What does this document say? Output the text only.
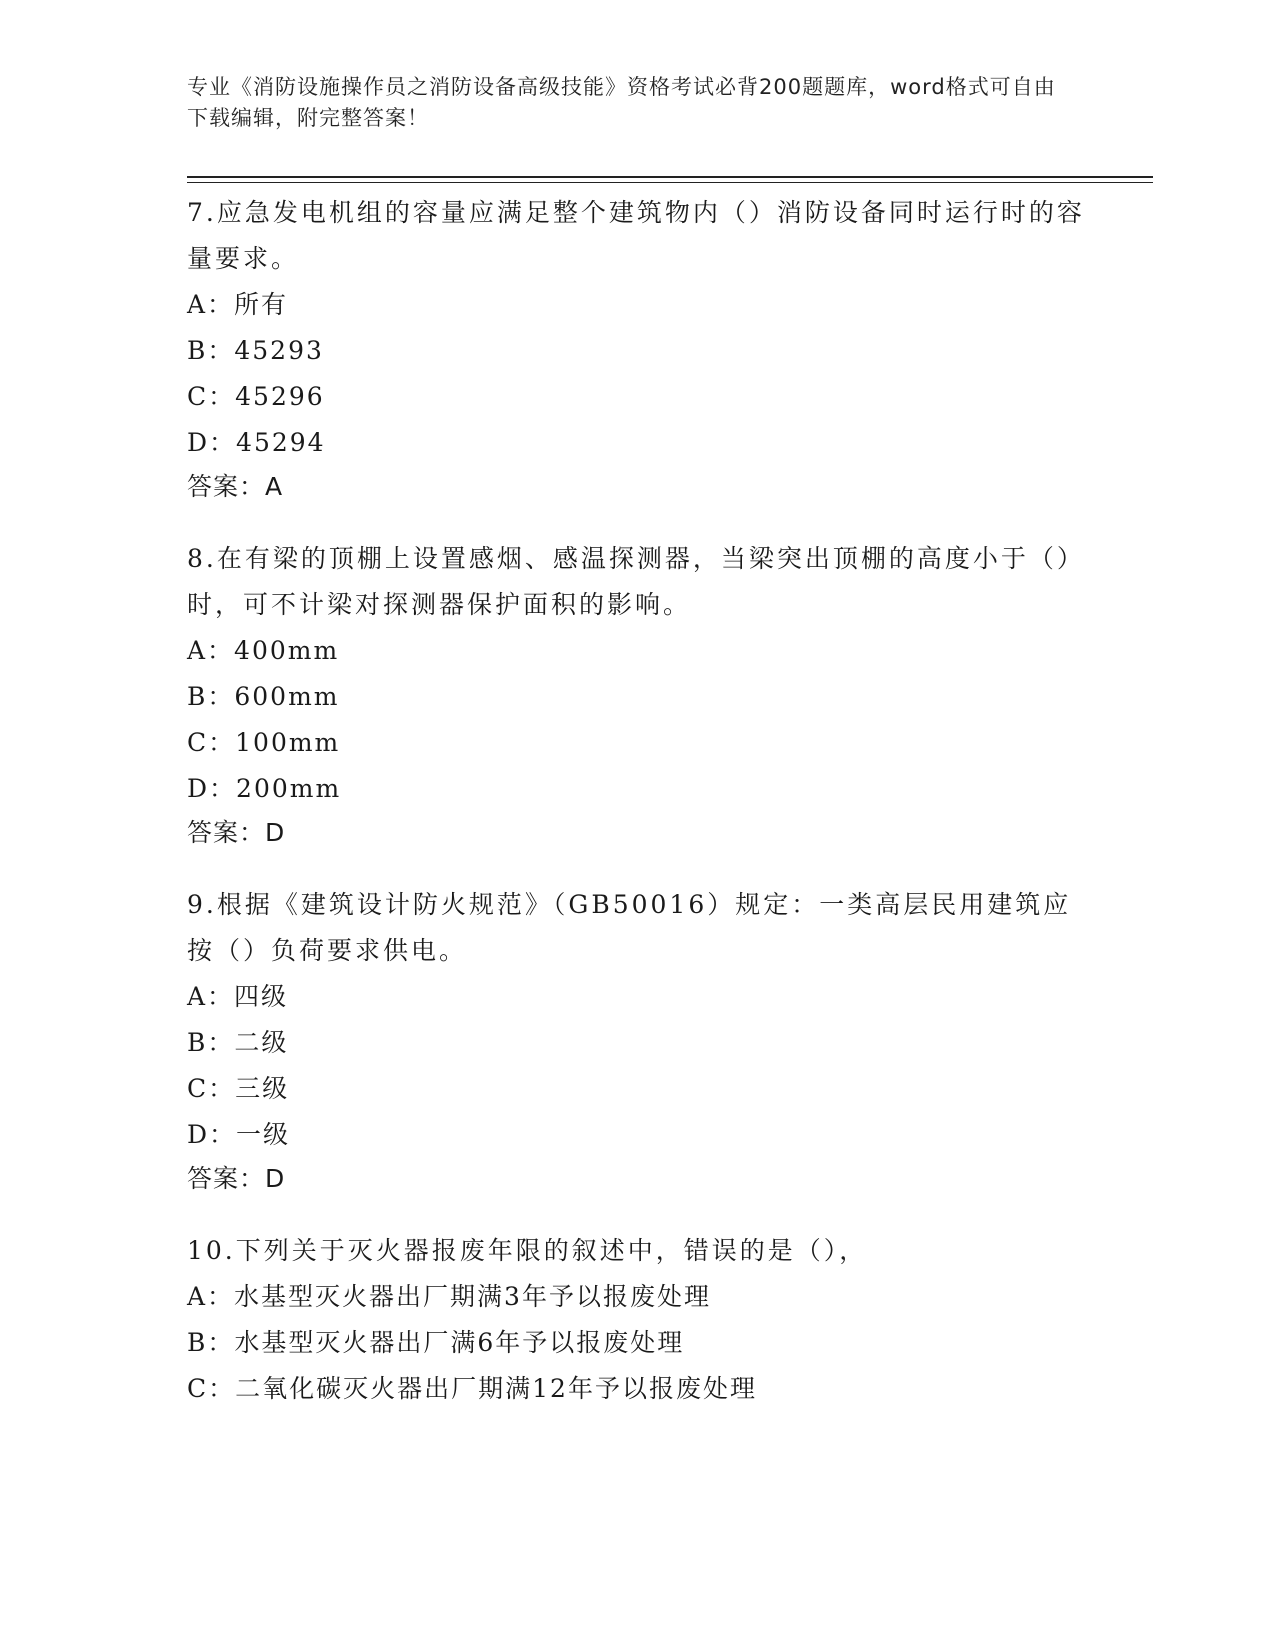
专业《消防设施操作员之消防设备高级技能》资格考试必背200题题库，word格式可自由下载编辑，附完整答案！
7.应急发电机组的容量应满足整个建筑物内（）消防设备同时运行时的容量要求。
A：所有
B：45293
C：45296
D：45294
答案：A
8.在有梁的顶棚上设置感烟、感温探测器，当梁突出顶棚的高度小于（）时，可不计梁对探测器保护面积的影响。
A：400mm
B：600mm
C：100mm
D：200mm
答案：D
9.根据《建筑设计防火规范》（GB50016）规定：一类高层民用建筑应按（）负荷要求供电。
A：四级
B：二级
C：三级
D：一级
答案：D
10.下列关于灭火器报废年限的叙述中，错误的是（），
A：水基型灭火器出厂期满3年予以报废处理
B：水基型灭火器出厂满6年予以报废处理
C：二氧化碳灭火器出厂期满12年予以报废处理
